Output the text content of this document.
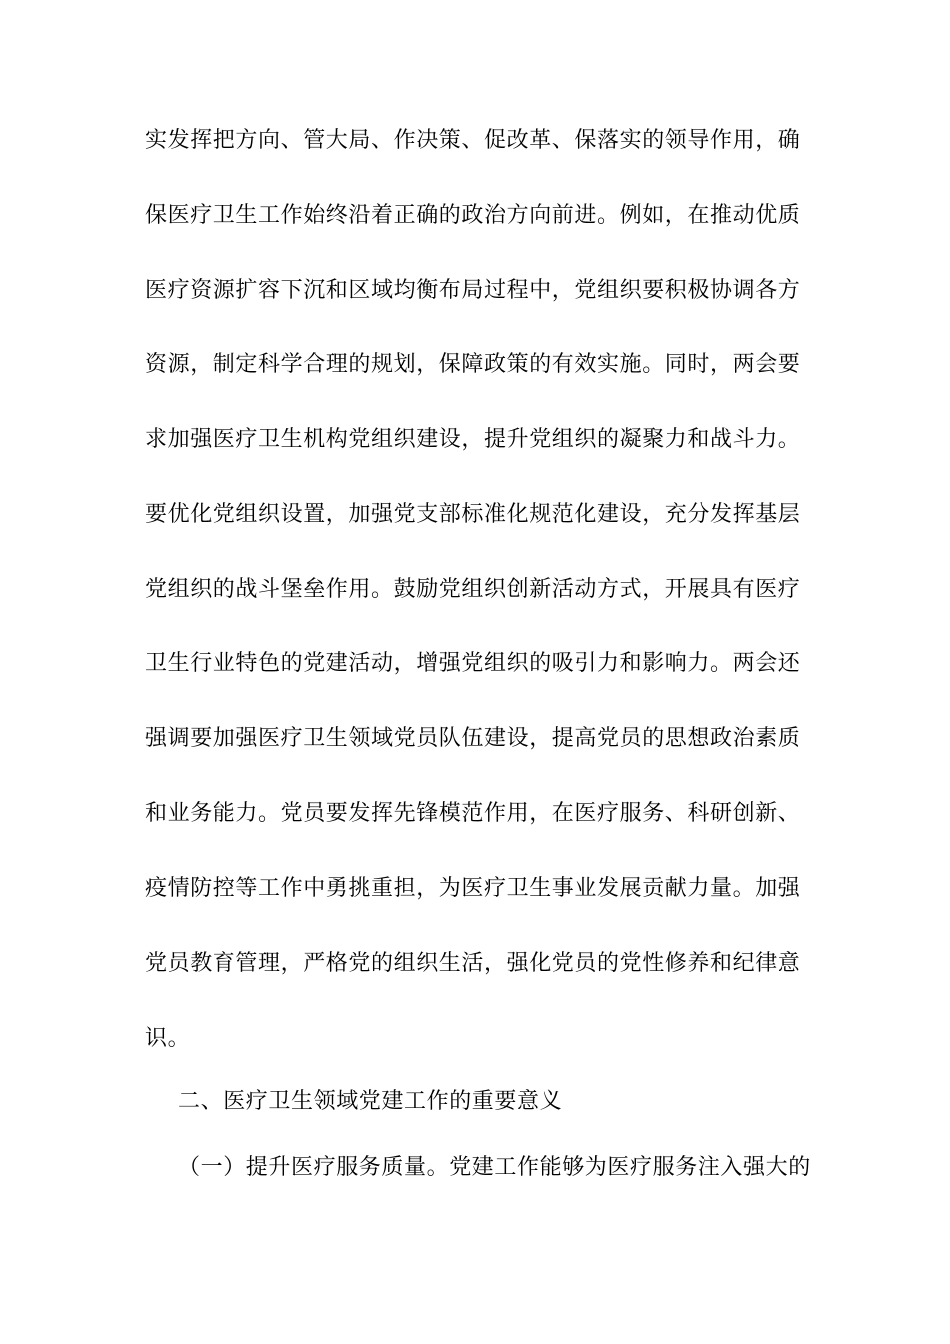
实发挥把方向、管大局、作决策、促改革、保落实的领导作用，确
保医疗卫生工作始终沿着正确的政治方向前进。例如，在推动优质
医疗资源扩容下沉和区域均衡布局过程中，党组织要积极协调各方
资源，制定科学合理的规划，保障政策的有效实施。同时，两会要
求加强医疗卫生机构党组织建设，提升党组织的凝聚力和战斗力。
要优化党组织设置，加强党支部标准化规范化建设，充分发挥基层
党组织的战斗堡垒作用。鼓励党组织创新活动方式，开展具有医疗
卫生行业特色的党建活动，增强党组织的吸引力和影响力。两会还
强调要加强医疗卫生领域党员队伍建设，提高党员的思想政治素质
和业务能力。党员要发挥先锋模范作用，在医疗服务、科研创新、
疫情防控等工作中勇挑重担，为医疗卫生事业发展贡献力量。加强
党员教育管理，严格党的组织生活，强化党员的党性修养和纪律意
识。
二、医疗卫生领域党建工作的重要意义
（一）提升医疗服务质量。党建工作能够为医疗服务注入强大的
